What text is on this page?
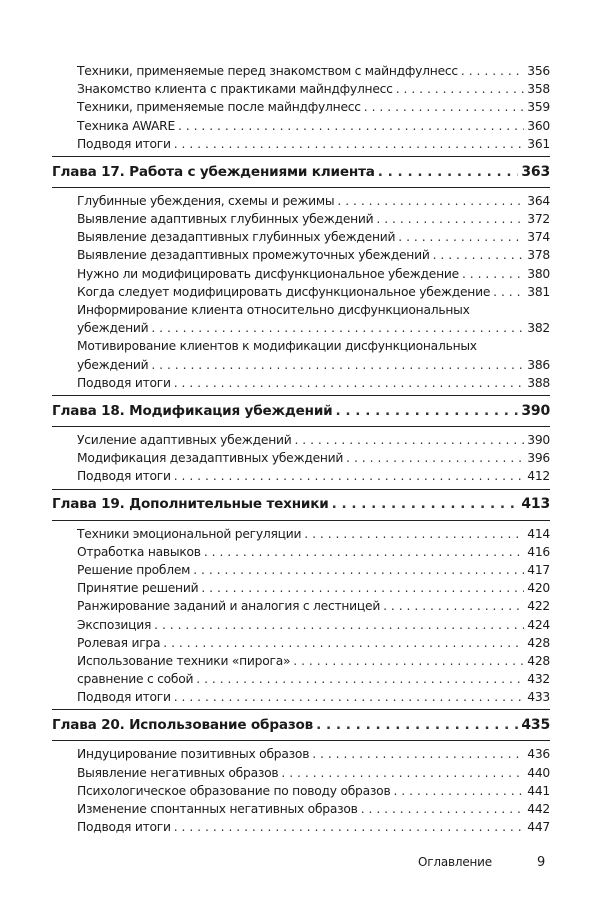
Техники, применяемые перед знакомством с майндфулнесс . . .	356
Знакомство клиента с практиками майндфулнесс . . .	358
Техники, применяемые после майндфулнесс . . .	359
Техника AWARE . . .	360
Подводя итоги . . .	361
Глава 17. Работа с убеждениями клиента . . .	363
Глубинные убеждения, схемы и режимы . . .	364
Выявление адаптивных глубинных убеждений . . .	372
Выявление дезадаптивных глубинных убеждений . . .	374
Выявление дезадаптивных промежуточных убеждений . . .	378
Нужно ли модифицировать дисфункциональное убеждение . . .	380
Когда следует модифицировать дисфункциональное убеждение . . .	381
Информирование клиента относительно дисфункциональных
убеждений . . .	382
Мотивирование клиентов к модификации дисфункциональных
убеждений . . .	386
Подводя итоги . . .	388
Глава 18. Модификация убеждений . . .	390
Усиление адаптивных убеждений . . .	390
Модификация дезадаптивных убеждений . . .	396
Подводя итоги . . .	412
Глава 19. Дополнительные техники . . .	413
Техники эмоциональной регуляции . . .	414
Отработка навыков . . .	416
Решение проблем . . .	417
Принятие решений . . .	420
Ранжирование заданий и аналогия с лестницей . . .	422
Экспозиция . . .	424
Ролевая игра . . .	428
Использование техники «пирога» . . .	428
сравнение с собой . . .	432
Подводя итоги . . .	433
Глава 20. Использование образов . . .	435
Индуцирование позитивных образов . . .	436
Выявление негативных образов . . .	440
Психологическое образование по поводу образов . . .	441
Изменение спонтанных негативных образов . . .	442
Подводя итоги . . .	447
Оглавление	9
